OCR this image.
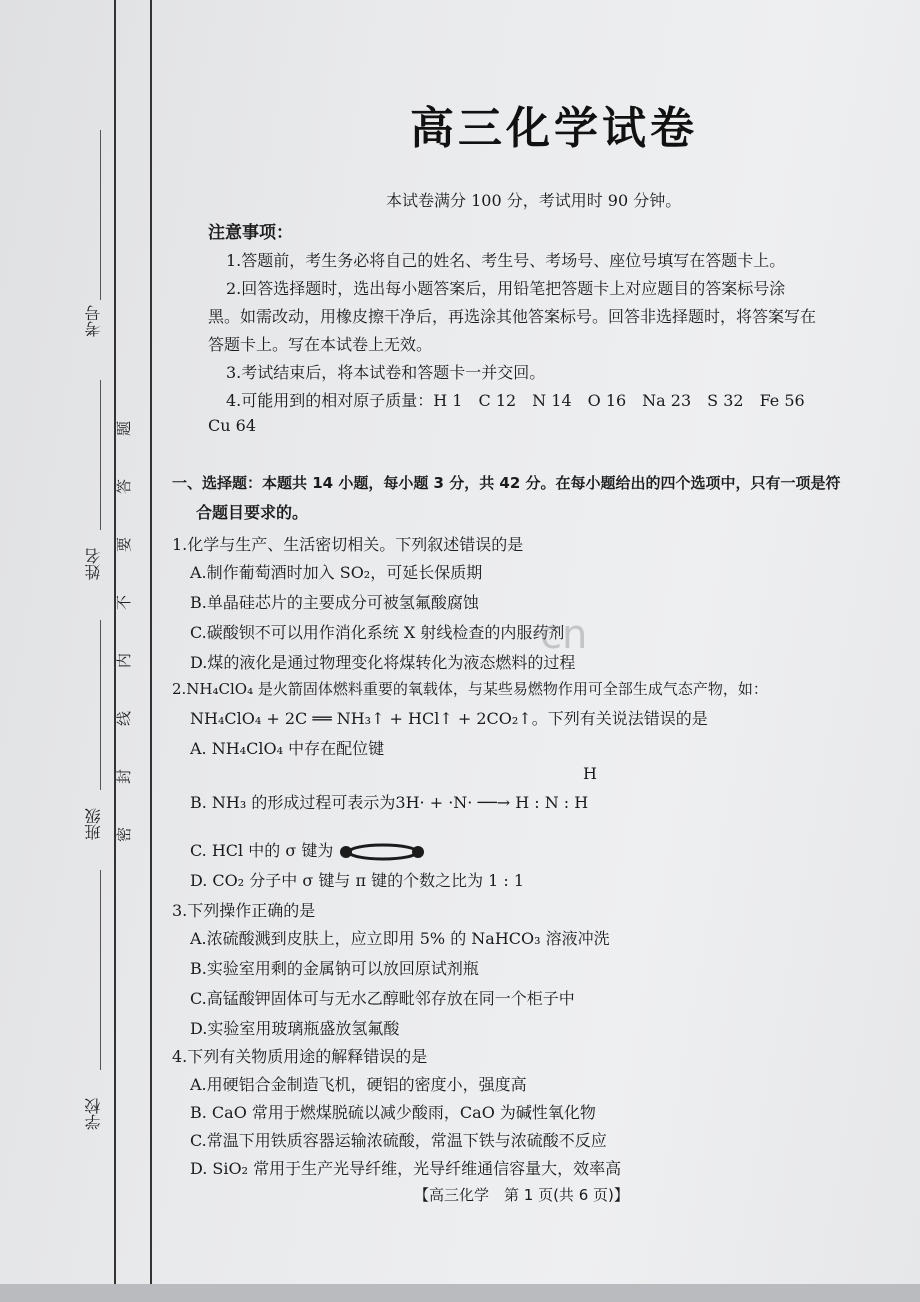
考号
姓名
班级
学校
题
答
要
不
内
线
封
密
高三化学试卷
本试卷满分 100 分，考试用时 90 分钟。
注意事项：
1.答题前，考生务必将自己的姓名、考生号、考场号、座位号填写在答题卡上。
2.回答选择题时，选出每小题答案后，用铅笔把答题卡上对应题目的答案标号涂
黑。如需改动，用橡皮擦干净后，再选涂其他答案标号。回答非选择题时，将答案写在
答题卡上。写在本试卷上无效。
3.考试结束后，将本试卷和答题卡一并交回。
4.可能用到的相对原子质量：H 1　C 12　N 14　O 16　Na 23　S 32　Fe 56
Cu 64
一、选择题：本题共 14 小题，每小题 3 分，共 42 分。在每小题给出的四个选项中，只有一项是符
合题目要求的。
1.化学与生产、生活密切相关。下列叙述错误的是
A.制作葡萄酒时加入 SO₂，可延长保质期
B.单晶硅芯片的主要成分可被氢氟酸腐蚀
C.碳酸钡不可以用作消化系统 X 射线检查的内服药剂
D.煤的液化是通过物理变化将煤转化为液态燃料的过程
cn
2.NH₄ClO₄ 是火箭固体燃料重要的氧载体，与某些易燃物作用可全部生成气态产物，如：
NH₄ClO₄ + 2C ══ NH₃↑ + HCl↑ + 2CO₂↑。下列有关说法错误的是
A. NH₄ClO₄ 中存在配位键
H
B. NH₃ 的形成过程可表示为3H· + ·N· ──→ H : N : H
C. HCl 中的 σ 键为
D. CO₂ 分子中 σ 键与 π 键的个数之比为 1 : 1
3.下列操作正确的是
A.浓硫酸溅到皮肤上，应立即用 5% 的 NaHCO₃ 溶液冲洗
B.实验室用剩的金属钠可以放回原试剂瓶
C.高锰酸钾固体可与无水乙醇毗邻存放在同一个柜子中
D.实验室用玻璃瓶盛放氢氟酸
4.下列有关物质用途的解释错误的是
A.用硬铝合金制造飞机，硬铝的密度小，强度高
B. CaO 常用于燃煤脱硫以减少酸雨，CaO 为碱性氧化物
C.常温下用铁质容器运输浓硫酸，常温下铁与浓硫酸不反应
D. SiO₂ 常用于生产光导纤维，光导纤维通信容量大，效率高
【高三化学　第 1 页(共 6 页)】
